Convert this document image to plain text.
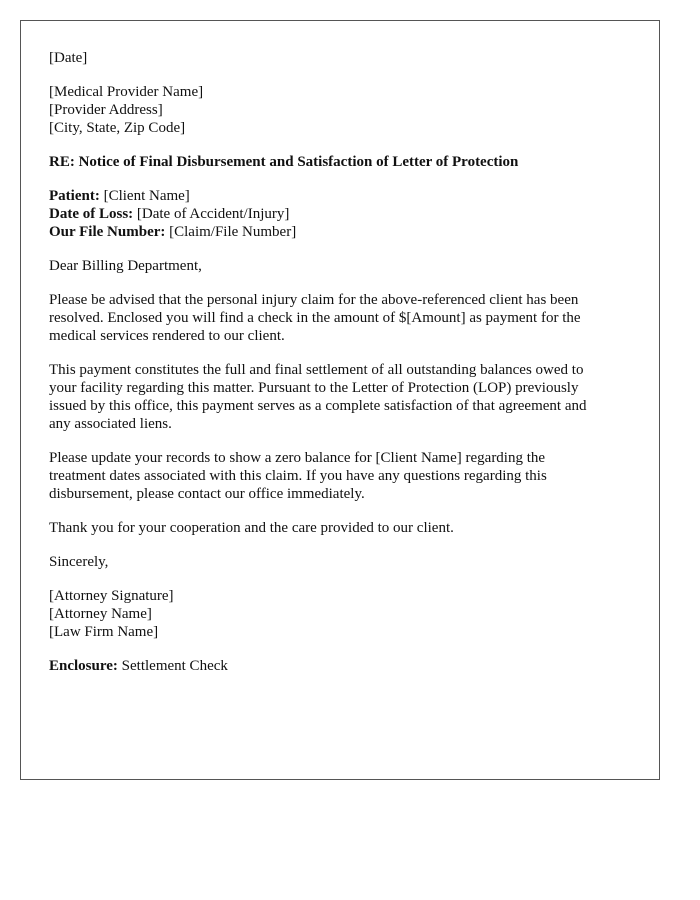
[Date]

[Medical Provider Name]
[Provider Address]
[City, State, Zip Code]

RE: Notice of Final Disbursement and Satisfaction of Letter of Protection

Patient: [Client Name]
Date of Loss: [Date of Accident/Injury]
Our File Number: [Claim/File Number]

Dear Billing Department,

Please be advised that the personal injury claim for the above-referenced client has been
resolved. Enclosed you will find a check in the amount of $[Amount] as payment for the
medical services rendered to our client.

This payment constitutes the full and final settlement of all outstanding balances owed to
your facility regarding this matter. Pursuant to the Letter of Protection (LOP) previously
issued by this office, this payment serves as a complete satisfaction of that agreement and
any associated liens.

Please update your records to show a zero balance for [Client Name] regarding the
treatment dates associated with this claim. If you have any questions regarding this
disbursement, please contact our office immediately.

Thank you for your cooperation and the care provided to our client.

Sincerely,

[Attorney Signature]
[Attorney Name]
[Law Firm Name]

Enclosure: Settlement Check
